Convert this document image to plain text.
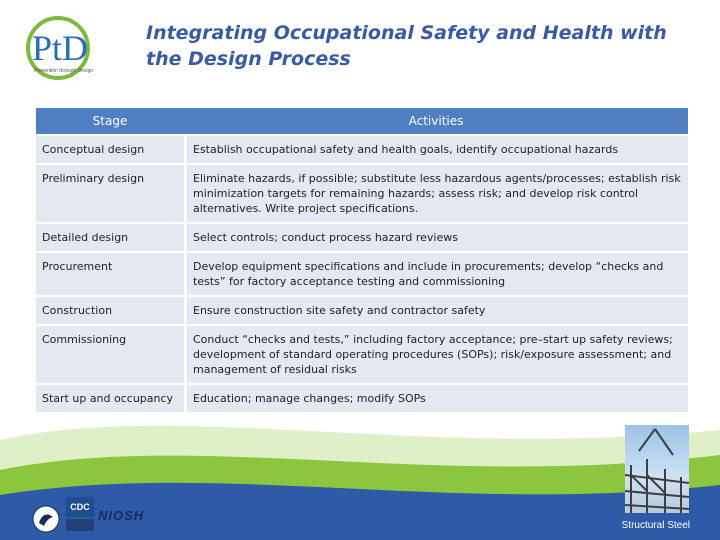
PtD
Prevention through Design
Integrating Occupational Safety and Health with the Design Process
Stage	Activities
Conceptual design	Establish occupational safety and health goals, identify occupational hazards
Preliminary design	Eliminate hazards, if possible; substitute less hazardous agents/processes; establish risk minimization targets for remaining hazards; assess risk; and develop risk control alternatives. Write project specifications.
Detailed design	Select controls; conduct process hazard reviews
Procurement	Develop equipment specifications and include in procurements; develop “checks and tests” for factory acceptance testing and commissioning
Construction	Ensure construction site safety and contractor safety
Commissioning	Conduct “checks and tests,” including factory acceptance; pre–start up safety reviews; development of standard operating procedures (SOPs); risk/exposure assessment; and management of residual risks
Start up and occupancy	Education; manage changes; modify SOPs
CDC
NIOSH
Structural Steel
